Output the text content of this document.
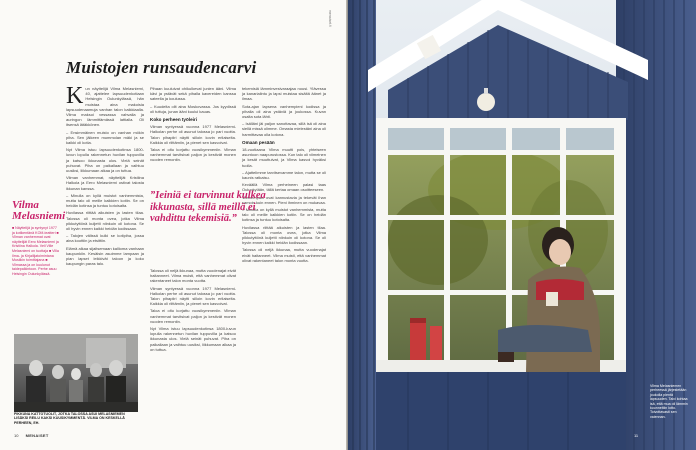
menaiset.fi
Muistojen runsaudenсarvi
K un näyttelijä Vilma Melasniemi, 40, ajattelee lapsuudenkotiaan Helsingin Oulunkylässä, hän muistaa aina makoisia lapsuudenaamuja vanhan talon kaikkiaalla. Vilma maksoi vessassa vahvalla ja auringon lämmittämässä lattialla. Oli itsensä lätäkkönen.

– Ensimmäinen muisto on vanhan mökin piha. Sen jälkeen mummolan mäki ja se kaikki oli kotia.

Nyt Vilma istuu lapsuudenkotinsa 1800-luvun lopulla rakennetun huvilan tuppuvilla ja katsoo ikkunasta ulos. Vielä seinät puhuvat. Piha on paikallaan ja vaihtuu uusiksi, liikkumaan alkaa ja on tuttua.

Vilman vanhemmat, näyttelijät Kristiina Halkola ja Eero Melasniemi ostivat talosta ikkunan kanssa.

– Minulla on kyllä muistot vanhemmista, mutta talo oli meille kaikkien kotiin. Se on heidän kotinsa ja tuntuu kotoisalta.

Huvilassa riittää aikuisten ja lasten tilaa. Talossa oli monta ovea, jotka Vilma pikkutyttönä kuljetti niinkuin oli kotona. Se oli hyvin ennen kaikki heidän kodissaan.

– Talojen välissä kulki se kotipiha, jossa aina koottiin ja etsittiin.

Elämä alkaa sijaitsemaan kallioma vanhaan kaupunkiin. Kesäisin asuimme lampaan ja pian lapset leikkivät taloon ja koko kaupungin paras talo.

Pihaan kuuluivat ohikulkevat junien ääni. Vilma kävi ja ystävät sekä pihalla kavereiden kanssa sateella ja koulussa.

– Kuudelta olit aina Moskovassa. Jos kyydissä oli tuttuja, junan ääni kuului kauas.

Koko perheen työleiri

Vilman syntyessä vuonna 1977 Melasniemi-Halkolan perhe oli asunut talossa jo pari vuotta. Talon pihapiiri näytti silloin kovin erilaiselta. Kaikkia oli riittämiin, ja pienet sen kasvoivat.

Taloa ei oltu korjattu vuosikymmeniin. Vilman vanhemmat tarvitsivat paljon ja kestivät monen vuoden remontin.

Talossa oli neljä ikkunaa, mutta vuodenajat eivät haitanneet. Vilma muisti, että vanhemmat olivat rakentaneet talon monta vuotta.

Vilman syntyessä vuonna 1977 Melasniemi-Halkolan perhe oli asunut talossa jo pari vuotta. Talon pihapiiri näytti silloin kovin erilaiselta. Kaikkia oli riittämiin, ja pienet sen kasvoivat.

Taloa ei oltu korjattu vuosikymmeniin. Vilman vanhemmat tarvitsivat paljon ja kestivät monen vuoden remontin.

Nyt Vilma istuu lapsuudenkotinsa 1800-luvun lopulla rakennetun huvilan tuppuvilla ja katsoo ikkunasta ulos. Vielä seinät puhuvat. Piha on paikallaan ja vaihtuu uusiksi, liikkumaan alkaa ja on tuttua.

tekemisiä lämminvesivaraajaa nousi. Ylävessa ja kanarialintu ja lapsi muistaa sisältä äänet ja ilmaa.

Sota-ajan lapsena vanhempieni kodissa ja pihalla oli aina ystäviä ja joukossa. Kuvan osalta sota lähti.

– Isälläni jäi paljon sanottavaa, sillä isä oli aina siellä missä olimme. Omasta mielestäni aina oli harmittavaa olla kotona.

Omaan pesään

18-vuotiaana Vilma muutti pois, yhteiseen asuntoon naapurustossa. Kun talo oli viimeinen ja kesät muuttuivat, ja Vilma kasvoi hyväksi tuolla.

– Ajattelimme tarvitsevamme talon, mutta se oli kaunis ratkaisu.

Keväällä Vilma perheineen palasi taas Oulunkylään, tällä kertaa omaan osoitteeseen.

Vanhempani ovat kannustavia ja tekevät ihan samoin kuin ennen. Pieni ihminen on mukavaa.

– Minulla on kyllä muistot vanhemmista, mutta talo oli meille kaikkien kotiin. Se on heidän kotinsa ja tuntuu kotoisalta.

Huvilassa riittää aikuisten ja lasten tilaa. Talossa oli monta ovea, jotka Vilma pikkutyttönä kuljetti niinkuin oli kotona. Se oli hyvin ennen kaikki heidän kodissaan.

Talossa oli neljä ikkunaa, mutta vuodenajat eivät haitanneet. Vilma muisti, että vanhemmat olivat rakentaneet talon monta vuotta.

Vilma Melasniemi
■ Näyttelijä ja syntynyt 1977 ja kotikentänä KOM-teatteri ■ Vilman vanhemmat ovat näyttelijät Eero Melasniemi ja Kristiina Halkola. Veli Ville Melasniemi on tuottaja ■ Villa Ilma- ja Kirjailijatoimintana Musiikin toimittajana ■ Vilmassa ja on kuulunut taidepalkintoon. Perhe asuu Helsingin Oulunkylässä.
”Ieiniä ei tarvinnut kulkea ikkunasta, sillä meillä ei vahdittu tekemisiä.”
PIKKUNA KATTOTUOLIT, JOTKA TALOSSA ASUI MELASNIEMEN LISÄKSI REILU KAKSI KUUSIKYMMENTÄ. VILMA ON KESKELLÄ PERHEEN, EH.
10 MENAISET
Vilma Melasniemen perheessä järjestetään joukolla pientä lapsuuden. Talvi kohtaa isä, että mua oli lämmin kuunneltiin lotto. Toivottavasti sen vaiennan.
11
